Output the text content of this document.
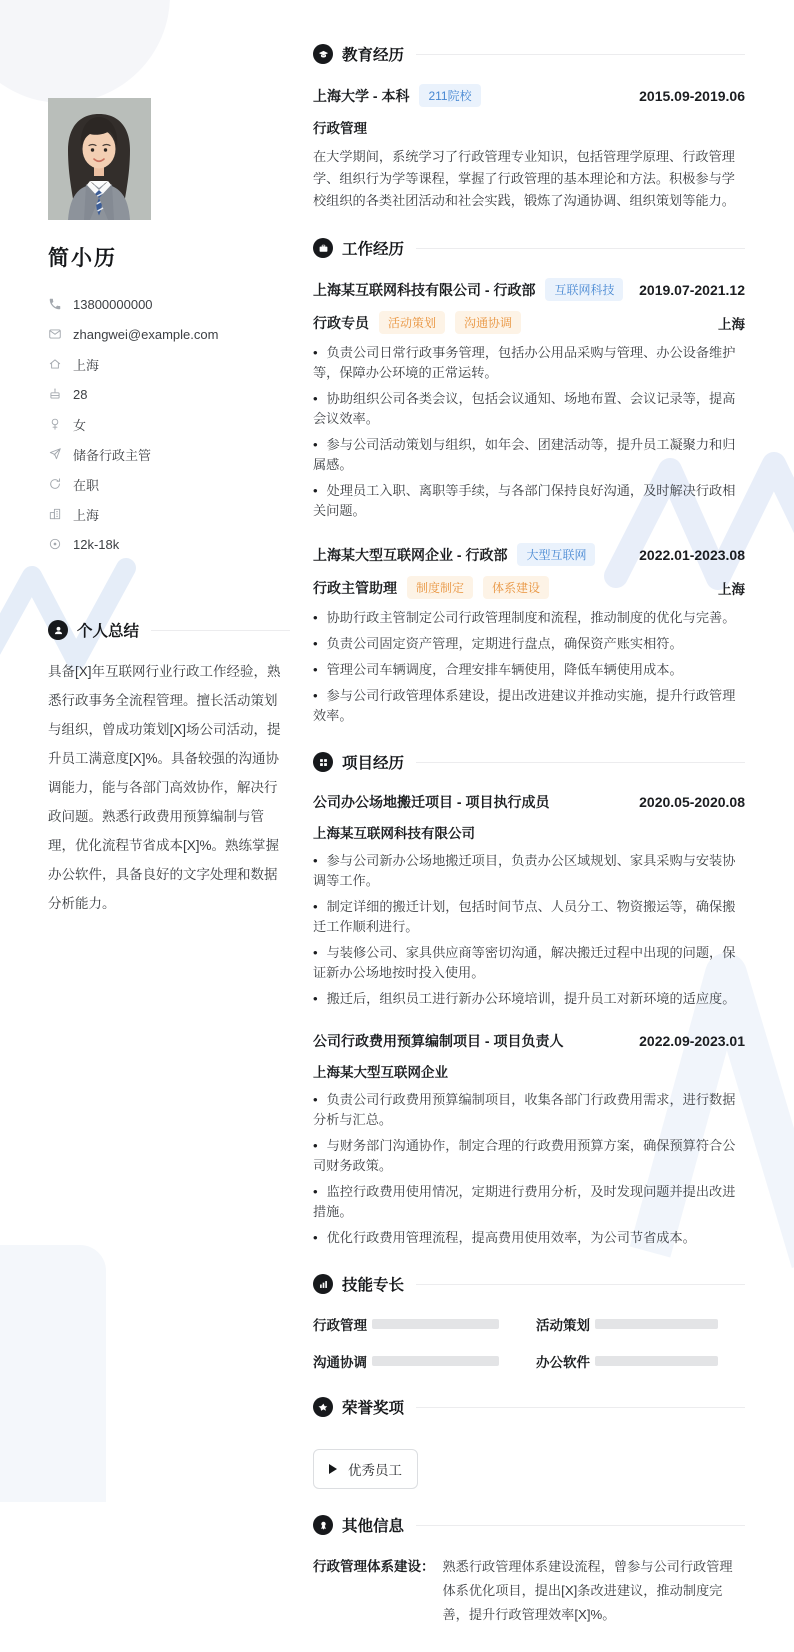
简小历
13800000000
zhangwei@example.com
上海
28
女
储备行政主管
在职
上海
12k-18k
个人总结

具备[X]年互联网行业行政工作经验，熟悉行政事务全流程管理。擅长活动策划与组织，曾成功策划[X]场公司活动，提升员工满意度[X]%。具备较强的沟通协调能力，能与各部门高效协作，解决行政问题。熟悉行政费用预算编制与管理，优化流程节省成本[X]%。熟练掌握办公软件，具备良好的文字处理和数据分析能力。

教育经历
上海大学 - 本科	211院校	2015.09-2019.06

行政管理

在大学期间，系统学习了行政管理专业知识，包括管理学原理、行政管理学、组织行为学等课程，掌握了行政管理的基本理论和方法。积极参与学校组织的各类社团活动和社会实践，锻炼了沟通协调、组织策划等能力。

工作经历
上海某互联网科技有限公司 - 行政部	互联网科技	2019.07-2021.12
行政专员	活动策划	沟通协调	上海

• 负责公司日常行政事务管理，包括办公用品采购与管理、办公设备维护等，保障办公环境的正常运转。

• 协助组织公司各类会议，包括会议通知、场地布置、会议记录等，提高会议效率。

• 参与公司活动策划与组织，如年会、团建活动等，提升员工凝聚力和归属感。

• 处理员工入职、离职等手续，与各部门保持良好沟通，及时解决行政相关问题。

上海某大型互联网企业 - 行政部	大型互联网	2022.01-2023.08
行政主管助理	制度制定	体系建设	上海

• 协助行政主管制定公司行政管理制度和流程，推动制度的优化与完善。

• 负责公司固定资产管理，定期进行盘点，确保资产账实相符。

• 管理公司车辆调度，合理安排车辆使用，降低车辆使用成本。

• 参与公司行政管理体系建设，提出改进建议并推动实施，提升行政管理效率。

项目经历
公司办公场地搬迁项目 - 项目执行成员	2020.05-2020.08

上海某互联网科技有限公司

• 参与公司新办公场地搬迁项目，负责办公区域规划、家具采购与安装协调等工作。

• 制定详细的搬迁计划，包括时间节点、人员分工、物资搬运等，确保搬迁工作顺利进行。

• 与装修公司、家具供应商等密切沟通，解决搬迁过程中出现的问题，保证新办公场地按时投入使用。

• 搬迁后，组织员工进行新办公环境培训，提升员工对新环境的适应度。

公司行政费用预算编制项目 - 项目负责人	2022.09-2023.01

上海某大型互联网企业

• 负责公司行政费用预算编制项目，收集各部门行政费用需求，进行数据分析与汇总。

• 与财务部门沟通协作，制定合理的行政费用预算方案，确保预算符合公司财务政策。

• 监控行政费用使用情况，定期进行费用分析，及时发现问题并提出改进措施。

• 优化行政费用管理流程，提高费用使用效率，为公司节省成本。

技能专长
行政管理	活动策划
沟通协调	办公软件
荣誉奖项
优秀员工
其他信息
行政管理体系建设： 熟悉行政管理体系建设流程，曾参与公司行政管理体系优化项目，提出[X]条改进建议，推动制度完善，提升行政管理效率[X]%。
